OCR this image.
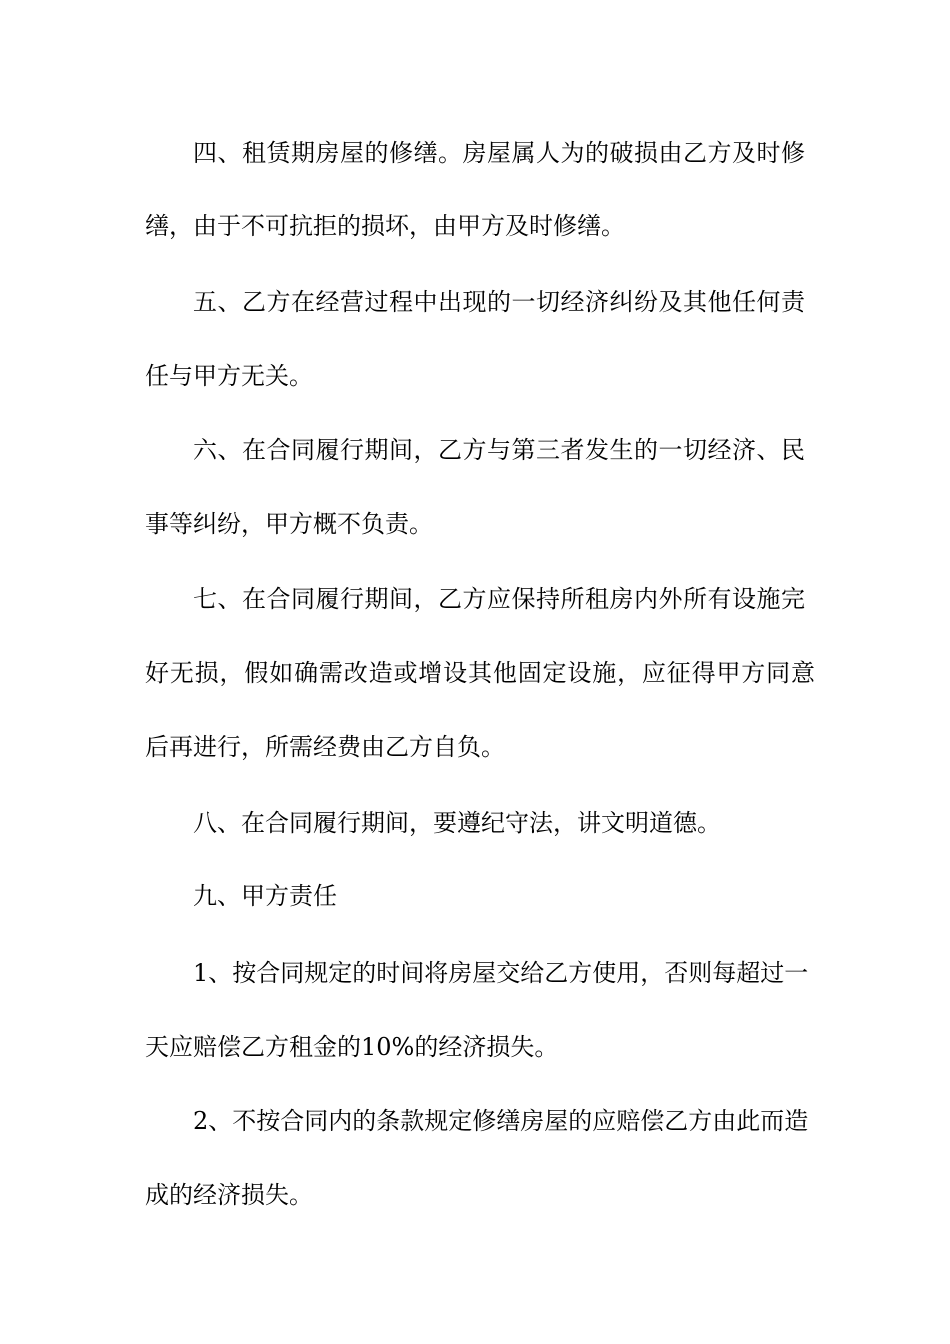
四、租赁期房屋的修缮。房屋属人为的破损由乙方及时修
缮，由于不可抗拒的损坏，由甲方及时修缮。
五、乙方在经营过程中出现的一切经济纠纷及其他任何责
任与甲方无关。
六、在合同履行期间，乙方与第三者发生的一切经济、民
事等纠纷，甲方概不负责。
七、在合同履行期间，乙方应保持所租房内外所有设施完
好无损，假如确需改造或增设其他固定设施，应征得甲方同意
后再进行，所需经费由乙方自负。
八、在合同履行期间，要遵纪守法，讲文明道德。
九、甲方责任
1、按合同规定的时间将房屋交给乙方使用，否则每超过一
天应赔偿乙方租金的10%的经济损失。
2、不按合同内的条款规定修缮房屋的应赔偿乙方由此而造
成的经济损失。
